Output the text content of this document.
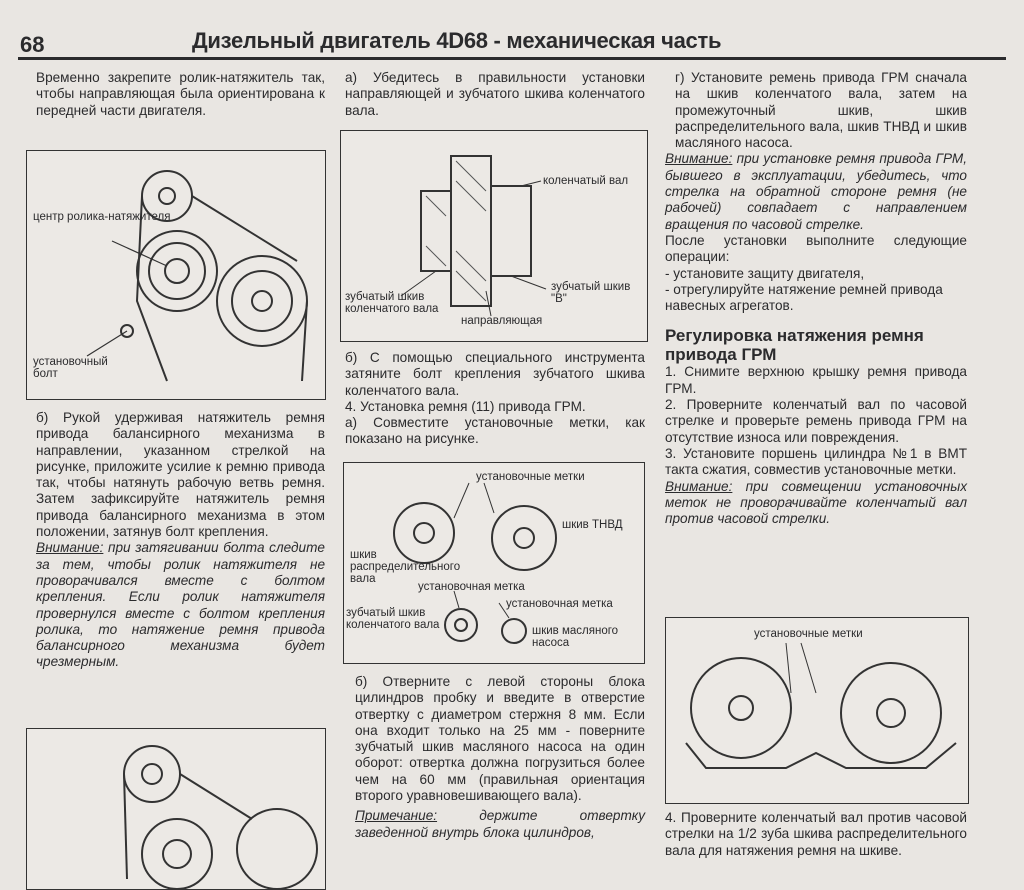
68	Дизельный двигатель 4D68 - механическая часть

Временно закрепите ролик-натяжитель так, чтобы направляющая была ориентирована к передней части двигателя.

центр ролика-натяжителя
установочный болт

б) Рукой удерживая натяжитель ремня привода балансирного механизма в направлении, указанном стрелкой на рисунке, приложите усилие к ремню привода так, чтобы натянуть рабочую ветвь ремня. Затем зафиксируйте натяжитель ремня привода балансирного механизма в этом положении, затянув болт крепления.

Внимание: при затягивании болта следите за тем, чтобы ролик натяжителя не проворачивался вместе с болтом крепления. Если ролик натяжителя провернулся вместе с болтом крепления ролика, то натяжение ремня привода балансирного механизма будет чрезмерным.

а) Убедитесь в правильности установки направляющей и зубчатого шкива коленчатого вала.

коленчатый вал
зубчатый шкив "B"
зубчатый шкив коленчатого вала
направляющая

б) С помощью специального инструмента затяните болт крепления зубчатого шкива коленчатого вала.

4. Установка ремня (11) привода ГРМ.

а) Совместите установочные метки, как показано на рисунке.

установочные метки
шкив ТНВД
шкив распределительного вала
установочная метка
зубчатый шкив коленчатого вала
установочная метка
шкив масляного насоса

б) Отверните с левой стороны блока цилиндров пробку и введите в отверстие отвертку с диаметром стержня 8 мм. Если она входит только на 25 мм - поверните зубчатый шкив масляного насоса на один оборот: отвертка должна погрузиться более чем на 60 мм (правильная ориентация второго уравновешивающего вала).

Примечание:	держите отвертку заведенной внутрь блока цилиндров,

г) Установите ремень привода ГРМ сначала на шкив коленчатого вала, затем на промежуточный шкив, шкив распределительного вала, шкив ТНВД и шкив масляного насоса.

Внимание: при установке ремня привода ГРМ, бывшего в эксплуатации, убедитесь, что стрелка на обратной стороне ремня (не рабочей) совпадает с направлением вращения по часовой стрелке.

После установки выполните следующие операции:

- установите защиту двигателя,

- отрегулируйте натяжение ремней привода навесных агрегатов.

Регулировка натяжения ремня привода ГРМ

1. Снимите верхнюю крышку ремня привода ГРМ.

2. Проверните коленчатый вал по часовой стрелке и проверьте ремень привода ГРМ на отсутствие износа или повреждения.

3. Установите поршень цилиндра №1 в ВМТ такта сжатия, совместив установочные метки.

Внимание: при совмещении установочных меток не проворачивайте коленчатый вал против часовой стрелки.

установочные метки

4. Проверните коленчатый вал против часовой стрелки на 1/2 зуба шкива распределительного вала для натяжения ремня на шкиве.
